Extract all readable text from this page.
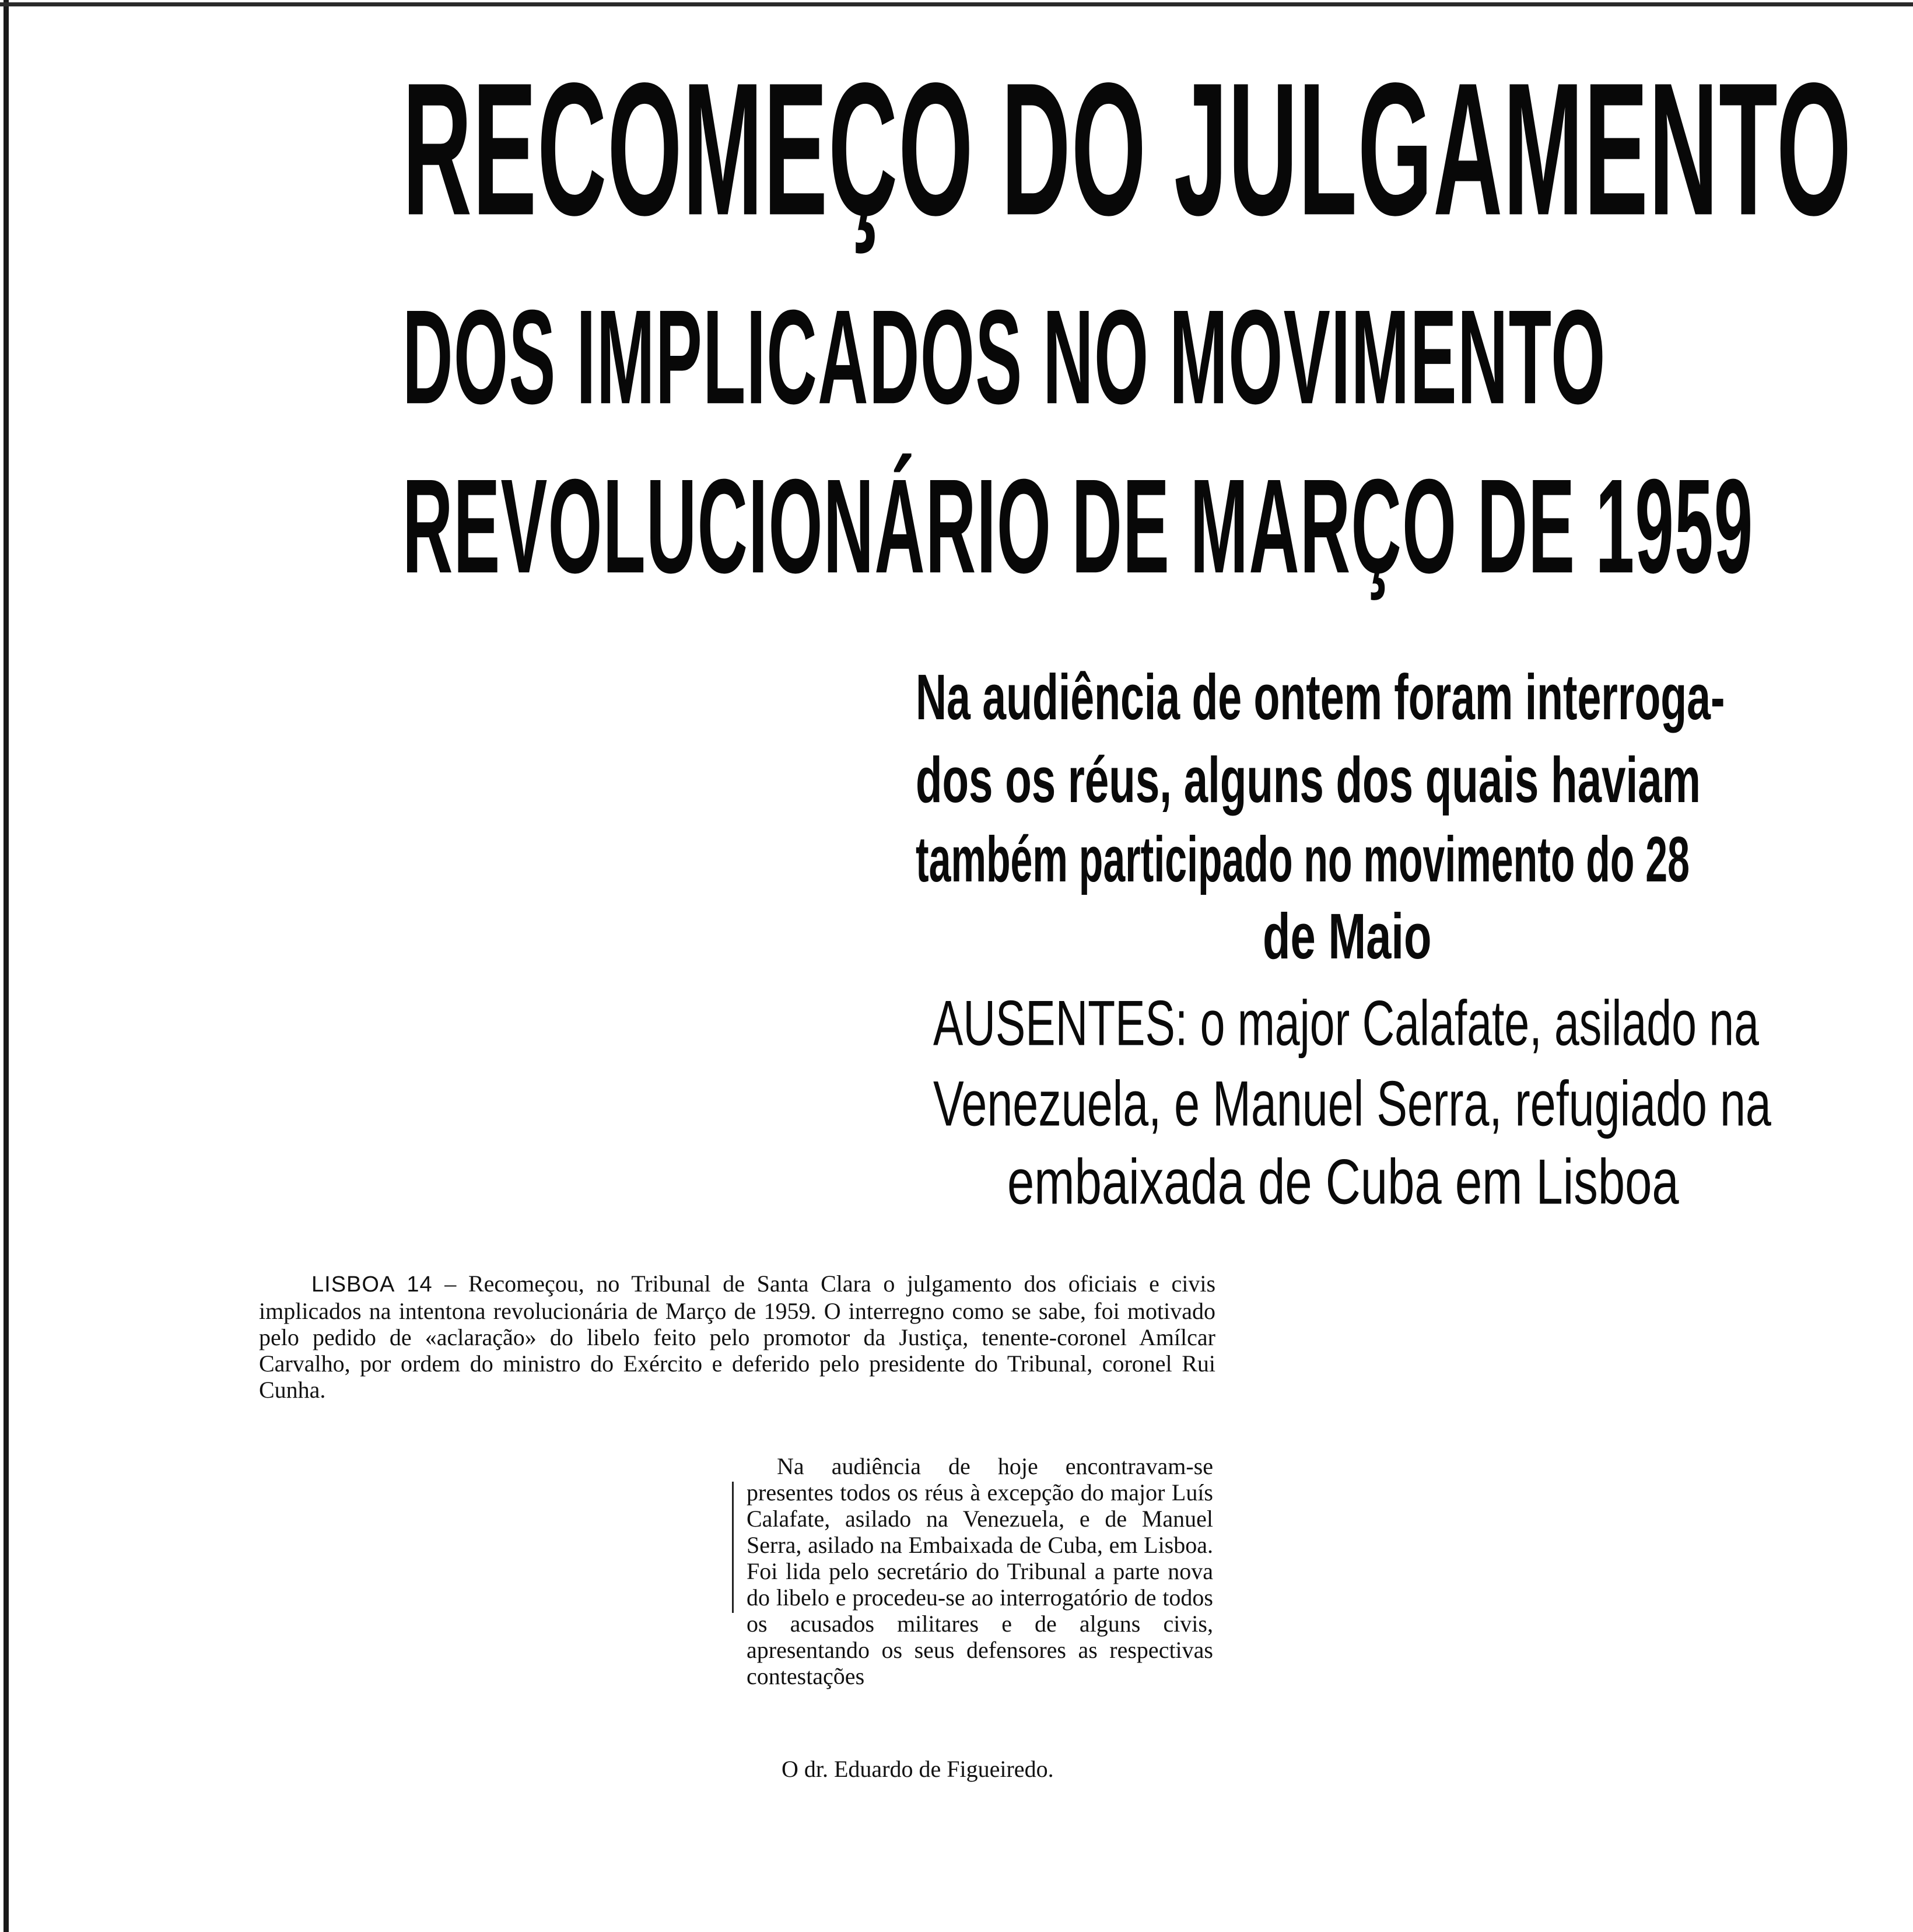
RECOMEÇO DO JULGAMENTO
DOS IMPLICADOS NO MOVIMENTO
REVOLUCIONÁRIO DE MARÇO DE 1959
Na audiência de ontem foram interroga-
dos os réus, alguns dos quais haviam
também participado no movimento do 28
de Maio
AUSENTES: o major Calafate, asilado na
Venezuela, e Manuel Serra, refugiado na
embaixada de Cuba em Lisboa
LISBOA 14 – Recomeçou, no Tribunal de Santa Clara o julgamento dos oficiais e civis implicados na intentona revolucionária de Março de 1959. O interregno como se sabe, foi motivado pelo pedido de «aclaração» do libelo feito pelo promotor da Justiça, tenente-coronel Amílcar Carvalho, por ordem do ministro do Exército e deferido pelo presidente do Tribunal, coronel Rui Cunha.
Na audiência de hoje encontravam-se presentes todos os réus à excepção do major Luís Calafate, asilado na Venezuela, e de Manuel Serra, asilado na Embaixada de Cuba, em Lisboa. Foi lida pelo secretário do Tribunal a parte nova do libelo e procedeu-se ao interrogatório de todos os acusados militares e de alguns civis, apresentando os seus defensores as respectivas contestações
O dr. Eduardo de Figueiredo.
